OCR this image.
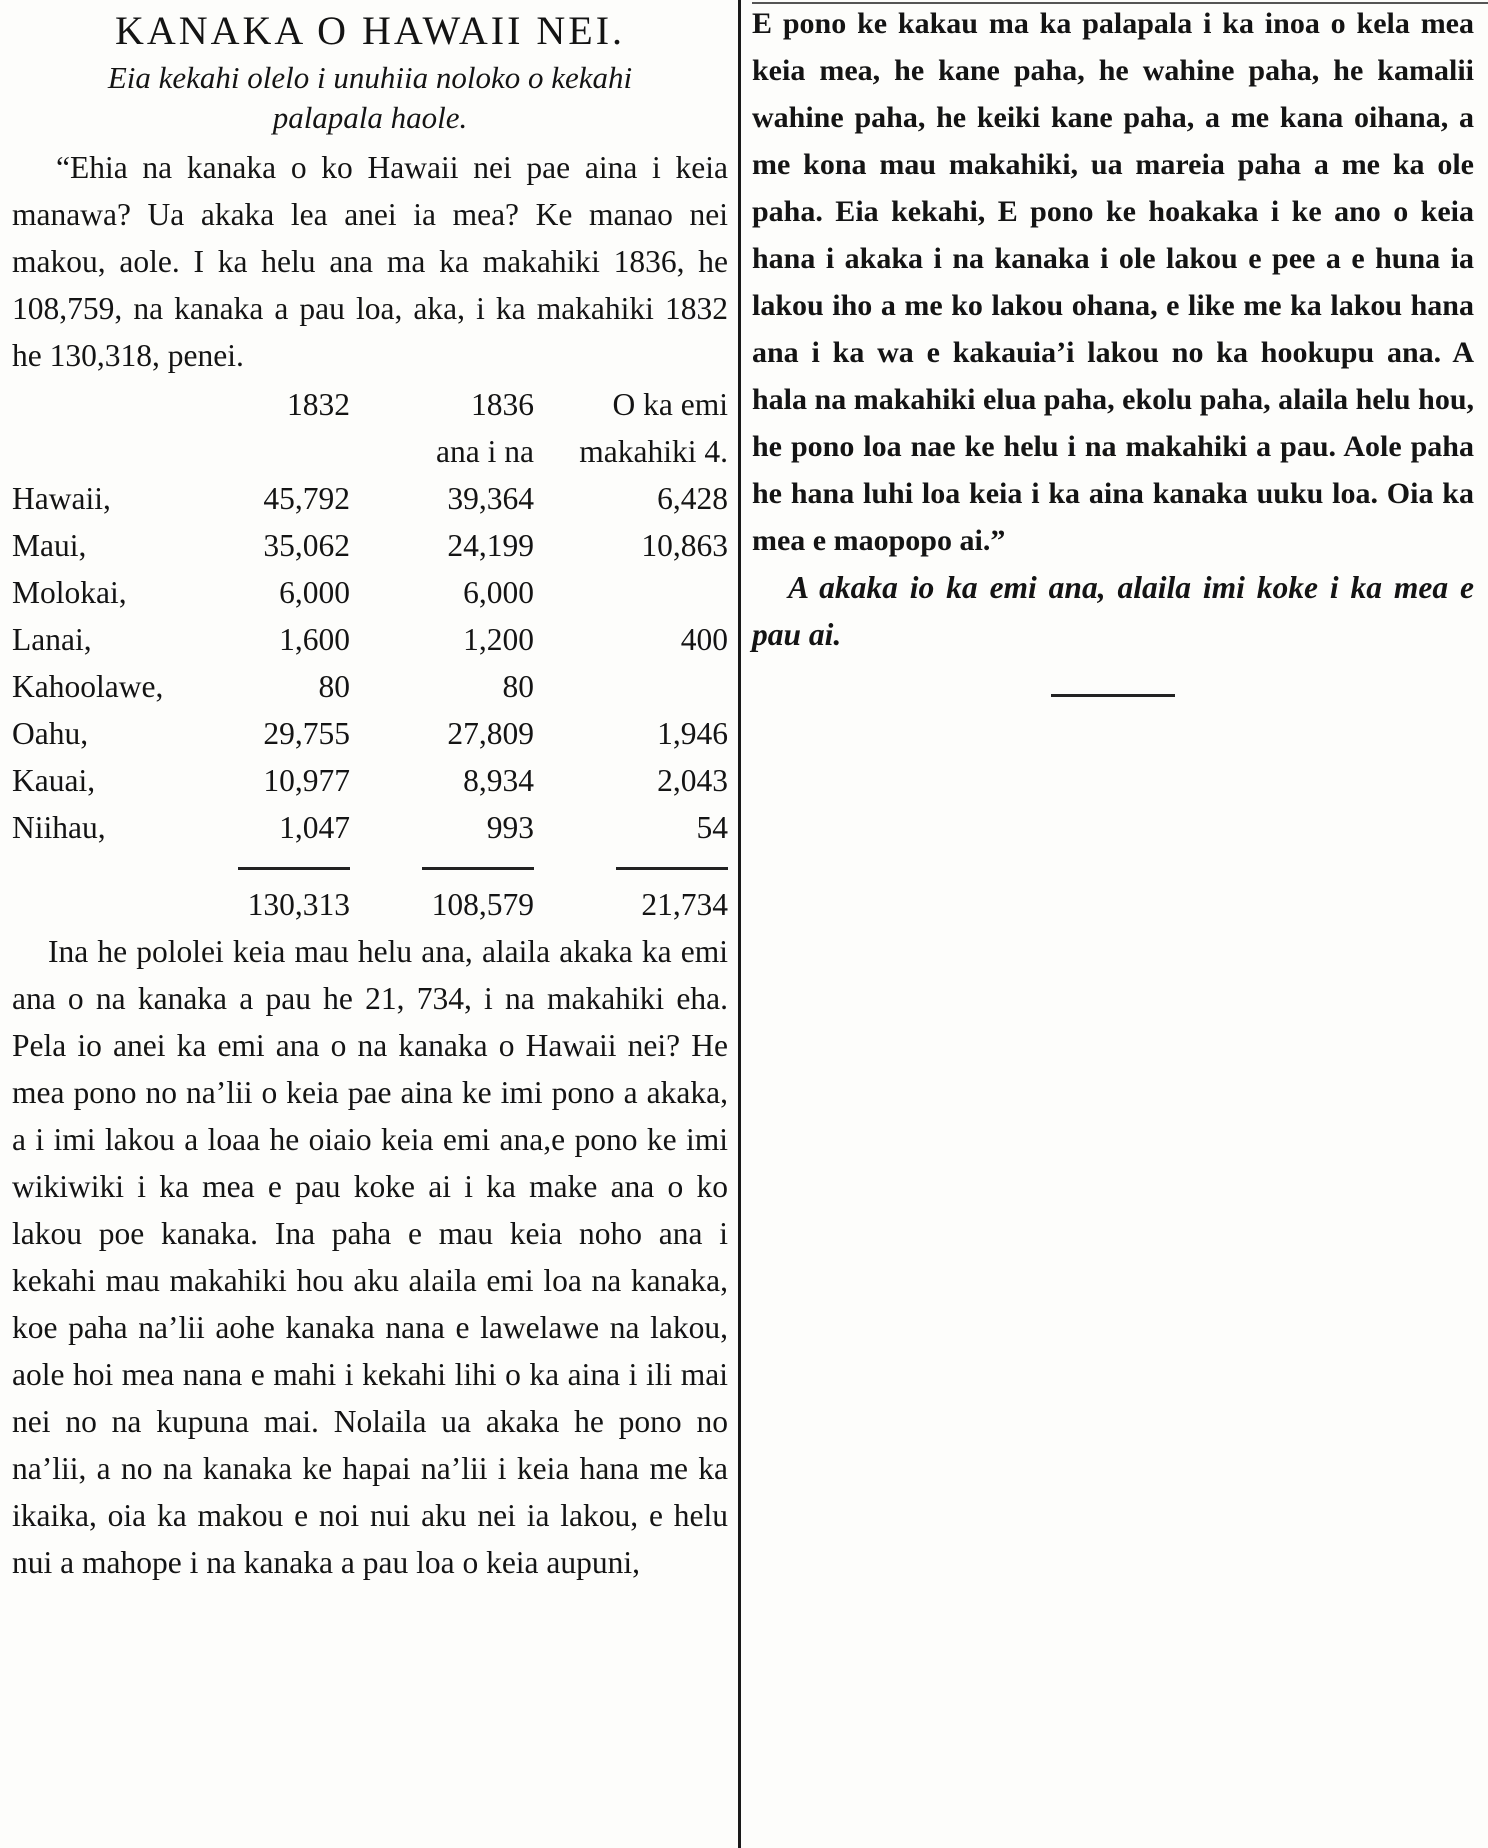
KANAKA O HAWAII NEI.
Eia kekahi olelo i unuhiia noloko o kekahi
palapala haole.

“Ehia na kanaka o ko Hawaii nei pae aina i keia manawa? Ua akaka lea anei ia mea? Ke manao nei makou, aole. I ka helu ana ma ka makahiki 1836, he 108,759, na kanaka a pau loa, aka, i ka makahiki 1832 he 130,318, penei.

	1832	1836	O ka emi
		ana i na	makahiki 4.
Hawaii,	45,792	39,364	6,428
Maui,	35,062	24,199	10,863
Molokai,	6,000	6,000	
Lanai,	1,600	1,200	400
Kahoolawe,	80	80	
Oahu,	29,755	27,809	1,946
Kauai,	10,977	8,934	2,043
Niihau,	1,047	993	54

	130,313	108,579	21,734

Ina he pololei keia mau helu ana, alaila akaka ka emi ana o na kanaka a pau he 21, 734, i na makahiki eha. Pela io anei ka emi ana o na kanaka o Hawaii nei? He mea pono no na’lii o keia pae aina ke imi pono a akaka, a i imi lakou a loaa he oiaio keia emi ana,e pono ke imi wikiwiki i ka mea e pau koke ai i ka make ana o ko lakou poe kanaka. Ina paha e mau keia noho ana i kekahi mau makahiki hou aku alaila emi loa na kanaka, koe paha na’lii aohe kanaka nana e lawelawe na lakou, aole hoi mea nana e mahi i kekahi lihi o ka aina i ili mai nei no na kupuna mai. Nolaila ua akaka he pono no na’lii, a no na kanaka ke hapai na’lii i keia hana me ka ikaika, oia ka makou e noi nui aku nei ia lakou, e helu nui a mahope i na kanaka a pau loa o keia aupuni,

E pono ke kakau ma ka palapala i ka inoa o kela mea keia mea, he kane paha, he wahine paha, he kamalii wahine paha, he keiki kane paha, a me kana oihana, a me kona mau makahiki, ua mareia paha a me ka ole paha. Eia kekahi, E pono ke hoakaka i ke ano o keia hana i akaka i na kanaka i ole lakou e pee a e huna ia lakou iho a me ko lakou ohana, e like me ka lakou hana ana i ka wa e kakauia’i lakou no ka hookupu ana. A hala na makahiki elua paha, ekolu paha, alaila helu hou, he pono loa nae ke helu i na makahiki a pau. Aole paha he hana luhi loa keia i ka aina kanaka uuku loa. Oia ka mea e maopopo ai.”

A akaka io ka emi ana, alaila imi koke i ka mea e pau ai.
